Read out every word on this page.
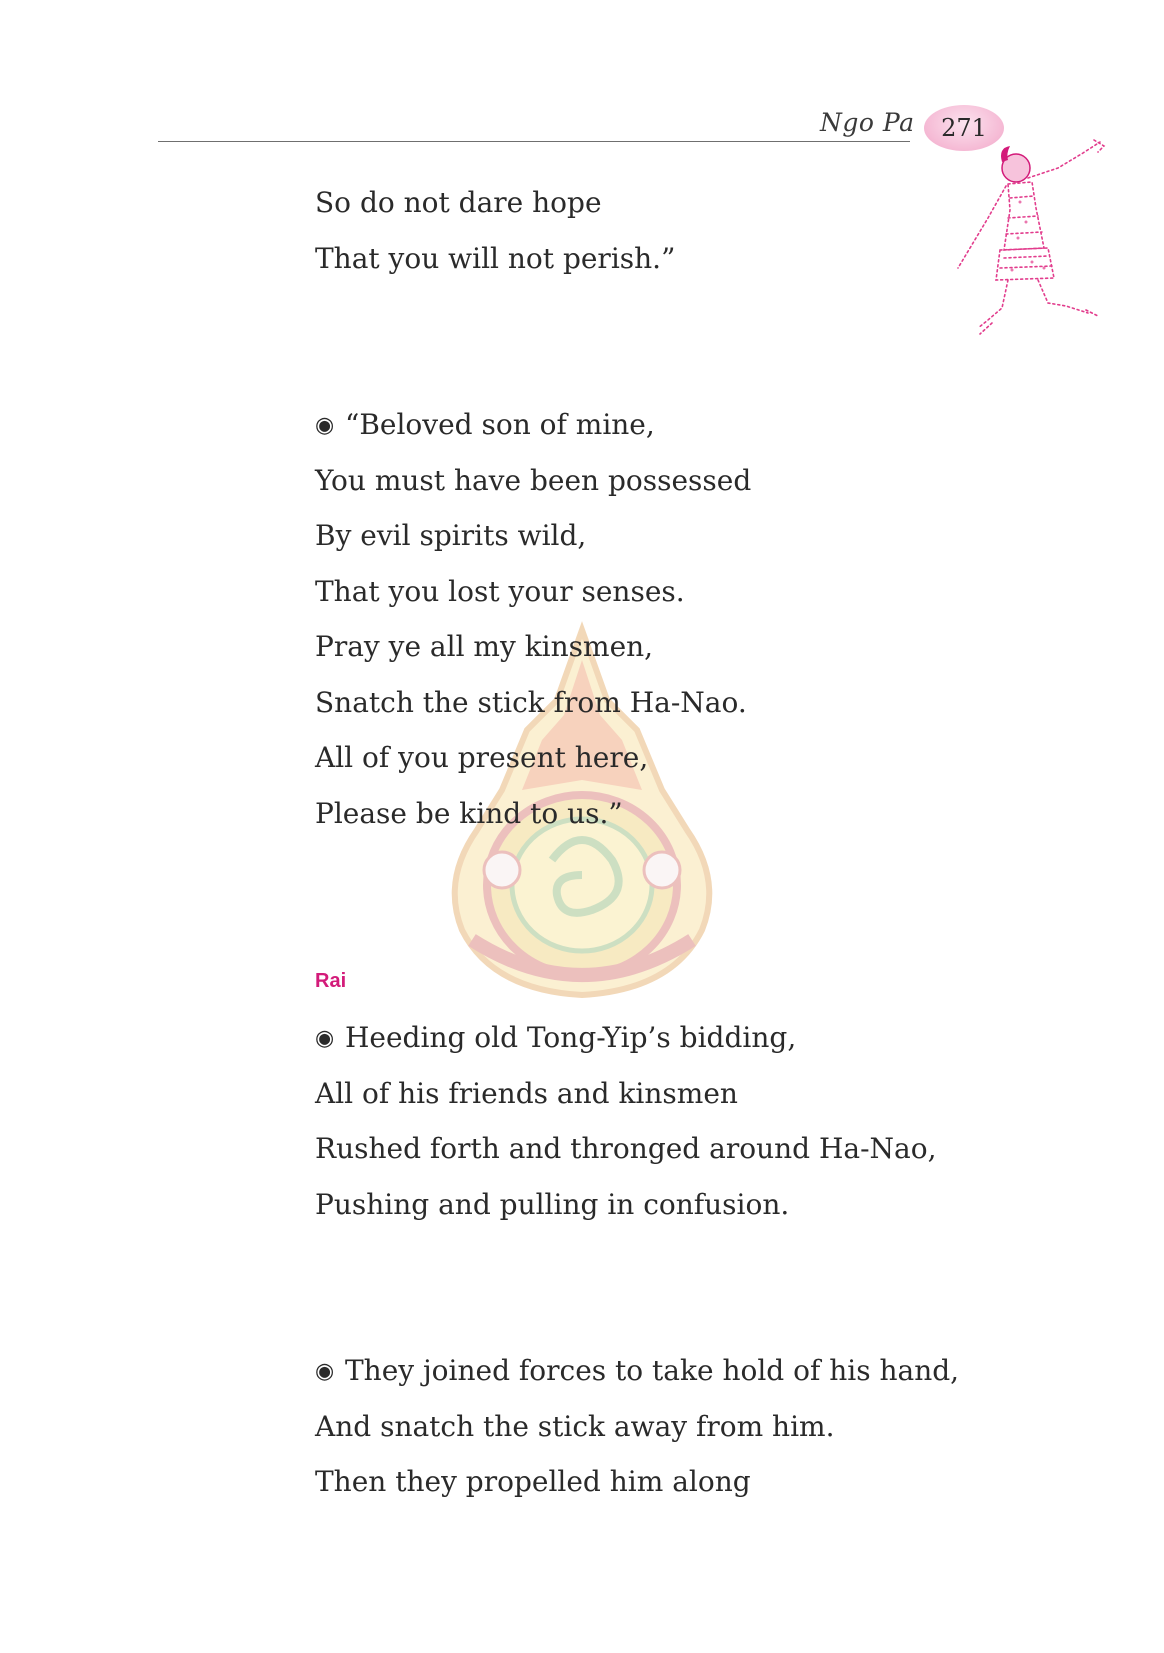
Ngo Pa 271
So do not dare hope
That you will not perish.”
◉ “Beloved son of mine,
You must have been possessed
By evil spirits wild,
That you lost your senses.
Pray ye all my kinsmen,
Snatch the stick from Ha-Nao.
All of you present here,
Please be kind to us.”
Rai
◉ Heeding old Tong-Yip’s bidding,
All of his friends and kinsmen
Rushed forth and thronged around Ha-Nao,
Pushing and pulling in confusion.
◉ They joined forces to take hold of his hand,
And snatch the stick away from him.
Then they propelled him along
